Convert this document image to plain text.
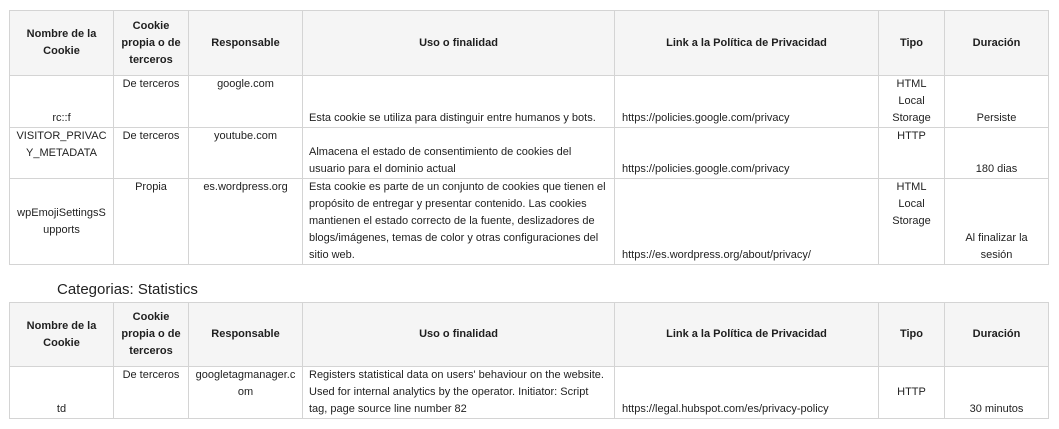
Nombre de la Cookie	Cookie propia o de terceros	Responsable	Uso o finalidad	Link a la Política de Privacidad	Tipo	Duración
rc::f	De terceros	google.com	Esta cookie se utiliza para distinguir entre humanos y bots.	https://policies.google.com/privacy	HTML Local Storage	Persiste
VISITOR_PRIVACY_METADATA	De terceros	youtube.com	Almacena el estado de consentimiento de cookies del usuario para el dominio actual	https://policies.google.com/privacy	HTTP	180 dias
wpEmojiSettingsSupports	Propia	es.wordpress.org	Esta cookie es parte de un conjunto de cookies que tienen el propósito de entregar y presentar contenido. Las cookies mantienen el estado correcto de la fuente, deslizadores de blogs/imágenes, temas de color y otras configuraciones del sitio web.	https://es.wordpress.org/about/privacy/	HTML Local Storage	Al finalizar la sesión
Categorias: Statistics
Nombre de la Cookie	Cookie propia o de terceros	Responsable	Uso o finalidad	Link a la Política de Privacidad	Tipo	Duración
td	De terceros	googletagmanager.com	Registers statistical data on users' behaviour on the website. Used for internal analytics by the operator. Initiator: Script tag, page source line number 82	https://legal.hubspot.com/es/privacy-policy	HTTP	30 minutos
